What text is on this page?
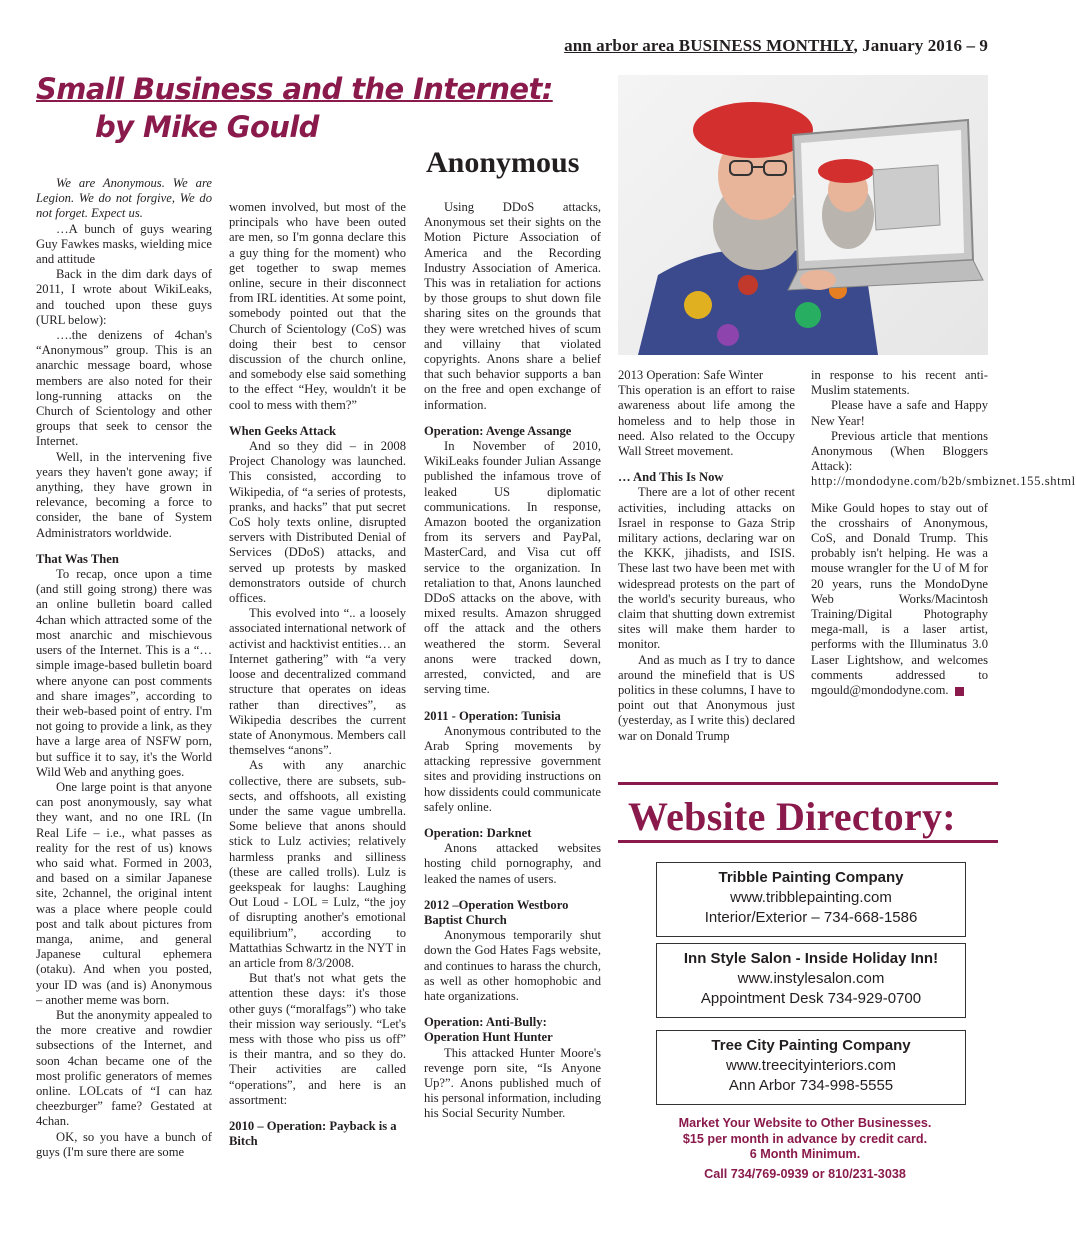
ann arbor area BUSINESS MONTHLY, January 2016 – 9
Small Business and the Internet:
by Mike Gould
Anonymous

We are Anonymous. We are Legion. We do not forgive, We do not forget. Expect us.

…A bunch of guys wearing Guy Fawkes masks, wielding mice and attitude

Back in the dim dark days of 2011, I wrote about WikiLeaks, and touched upon these guys (URL below):

….the denizens of 4chan's “Anonymous” group. This is an anarchic message board, whose members are also noted for their long-running attacks on the Church of Scientology and other groups that seek to censor the Internet.

Well, in the intervening five years they haven't gone away; if anything, they have grown in relevance, becoming a force to consider, the bane of System Administrators worldwide.

That Was Then

To recap, once upon a time (and still going strong) there was an online bulletin board called 4chan which attracted some of the most anarchic and mischievous users of the Internet. This is a “…simple image-based bulletin board where anyone can post comments and share images”, according to their web-based point of entry. I'm not going to provide a link, as they have a large area of NSFW porn, but suffice it to say, it's the World Wild Web and anything goes.

One large point is that anyone can post anonymously, say what they want, and no one IRL (In Real Life – i.e., what passes as reality for the rest of us) knows who said what. Formed in 2003, and based on a similar Japanese site, 2channel, the original intent was a place where people could post and talk about pictures from manga, anime, and general Japanese cultural ephemera (otaku). And when you posted, your ID was (and is) Anonymous – another meme was born.

But the anonymity appealed to the more creative and rowdier subsections of the Internet, and soon 4chan became one of the most prolific generators of memes online. LOLcats of “I can haz cheezburger” fame? Gestated at 4chan.

OK, so you have a bunch of guys (I'm sure there are some

women involved, but most of the principals who have been outed are men, so I'm gonna declare this a guy thing for the moment) who get together to swap memes online, secure in their disconnect from IRL identities. At some point, somebody pointed out that the Church of Scientology (CoS) was doing their best to censor discussion of the church online, and somebody else said something to the effect “Hey, wouldn't it be cool to mess with them?”

When Geeks Attack

And so they did – in 2008 Project Chanology was launched. This consisted, according to Wikipedia, of “a series of protests, pranks, and hacks” that put secret CoS holy texts online, disrupted servers with Distributed Denial of Services (DDoS) attacks, and served up protests by masked demonstrators outside of church offices.

This evolved into “.. a loosely associated international network of activist and hacktivist entities… an Internet gathering” with “a very loose and decentralized command structure that operates on ideas rather than directives”, as Wikipedia describes the current state of Anonymous. Members call themselves “anons”.

As with any anarchic collective, there are subsets, sub-sects, and offshoots, all existing under the same vague umbrella. Some believe that anons should stick to Lulz activies; relatively harmless pranks and silliness (these are called trolls). Lulz is geekspeak for laughs: Laughing Out Loud - LOL = Lulz, “the joy of disrupting another's emotional equilibrium”, according to Mattathias Schwartz in the NYT in an article from 8/3/2008.

But that's not what gets the attention these days: it's those other guys (“moralfags”) who take their mission way seriously. “Let's mess with those who piss us off” is their mantra, and so they do. Their activities are called “operations”, and here is an assortment:

2010 – Operation: Payback is a Bitch

Using DDoS attacks, Anonymous set their sights on the Motion Picture Association of America and the Recording Industry Association of America. This was in retaliation for actions by those groups to shut down file sharing sites on the grounds that they were wretched hives of scum and villainy that violated copyrights. Anons share a belief that such behavior supports a ban on the free and open exchange of information.

Operation: Avenge Assange

In November of 2010, WikiLeaks founder Julian Assange published the infamous trove of leaked US diplomatic communications. In response, Amazon booted the organization from its servers and PayPal, MasterCard, and Visa cut off service to the organization. In retaliation to that, Anons launched DDoS attacks on the above, with mixed results. Amazon shrugged off the attack and the others weathered the storm. Several anons were tracked down, arrested, convicted, and are serving time.

2011 - Operation: Tunisia

Anonymous contributed to the Arab Spring movements by attacking repressive government sites and providing instructions on how dissidents could communicate safely online.

Operation: Darknet

Anons attacked websites hosting child pornography, and leaked the names of users.

2012 –Operation Westboro Baptist Church

Anonymous temporarily shut down the God Hates Fags website, and continues to harass the church, as well as other homophobic and hate organizations.

Operation: Anti-Bully: Operation Hunt Hunter

This attacked Hunter Moore's revenge porn site, “Is Anyone Up?”. Anons published much of his personal information, including his Social Security Number.

2013 Operation: Safe Winter

This operation is an effort to raise awareness about life among the homeless and to help those in need. Also related to the Occupy Wall Street movement.

… And This Is Now

There are a lot of other recent activities, including attacks on Israel in response to Gaza Strip military actions, declaring war on the KKK, jihadists, and ISIS. These last two have been met with widespread protests on the part of the world's security bureaus, who claim that shutting down extremist sites will make them harder to monitor.

And as much as I try to dance around the minefield that is US politics in these columns, I have to point out that Anonymous just (yesterday, as I write this) declared war on Donald Trump

in response to his recent anti-Muslim statements.

Please have a safe and Happy New Year!

Previous article that mentions Anonymous (When Bloggers Attack):

http://mondodyne.com/b2b/smbiznet.155.shtml

Mike Gould hopes to stay out of the crosshairs of Anonymous, CoS, and Donald Trump. This probably isn't helping. He was a mouse wrangler for the U of M for 20 years, runs the MondoDyne Web Works/Macintosh Training/Digital Photography mega-mall, is a laser artist, performs with the Illuminatus 3.0 Laser Lightshow, and welcomes comments addressed to mgould@mondodyne.com.

Website Directory:
Tribble Painting Company
www.tribblepainting.com
Interior/Exterior – 734-668-1586
Inn Style Salon - Inside Holiday Inn!
www.instylesalon.com
Appointment Desk 734-929-0700
Tree City Painting Company
www.treecityinteriors.com
Ann Arbor 734-998-5555
Market Your Website to Other Businesses.
$15 per month in advance by credit card.
6 Month Minimum.
Call 734/769-0939 or 810/231-3038
